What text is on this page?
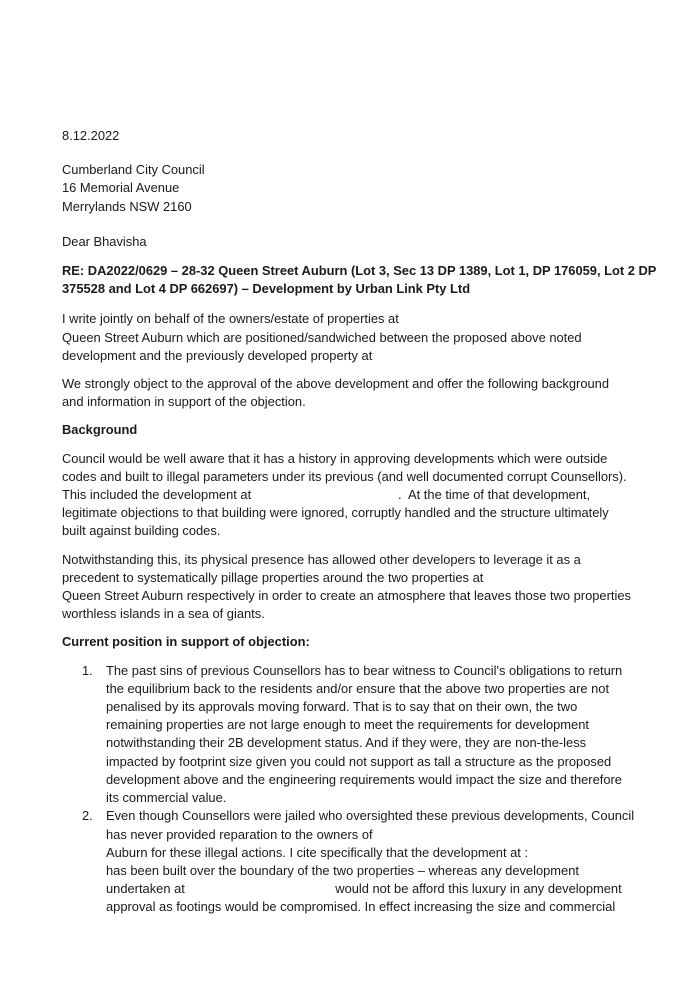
8.12.2022
Cumberland City Council
16 Memorial Avenue
Merrylands NSW 2160
Dear Bhavisha
RE: DA2022/0629 – 28-32 Queen Street Auburn (Lot 3, Sec 13 DP 1389, Lot 1, DP 176059, Lot 2 DP
375528 and Lot 4 DP 662697) – Development by Urban Link Pty Ltd
I write jointly on behalf of the owners/estate of properties at
Queen Street Auburn which are positioned/sandwiched between the proposed above noted
development and the previously developed property at
We strongly object to the approval of the above development and offer the following background
and information in support of the objection.
Background
Council would be well aware that it has a history in approving developments which were outside
codes and built to illegal parameters under its previous (and well documented corrupt Counsellors).
This included the development at                                         .  At the time of that development,
legitimate objections to that building were ignored, corruptly handled and the structure ultimately
built against building codes.
Notwithstanding this, its physical presence has allowed other developers to leverage it as a
precedent to systematically pillage properties around the two properties at
Queen Street Auburn respectively in order to create an atmosphere that leaves those two properties
worthless islands in a sea of giants.
Current position in support of objection:
1. The past sins of previous Counsellors has to bear witness to Council's obligations to return
the equilibrium back to the residents and/or ensure that the above two properties are not
penalised by its approvals moving forward. That is to say that on their own, the two
remaining properties are not large enough to meet the requirements for development
notwithstanding their 2B development status. And if they were, they are non-the-less
impacted by footprint size given you could not support as tall a structure as the proposed
development above and the engineering requirements would impact the size and therefore
its commercial value.
2. Even though Counsellors were jailed who oversighted these previous developments, Council
has never provided reparation to the owners of
Auburn for these illegal actions. I cite specifically that the development at :
has been built over the boundary of the two properties – whereas any development
undertaken at                                          would not be afford this luxury in any development
approval as footings would be compromised. In effect increasing the size and commercial
